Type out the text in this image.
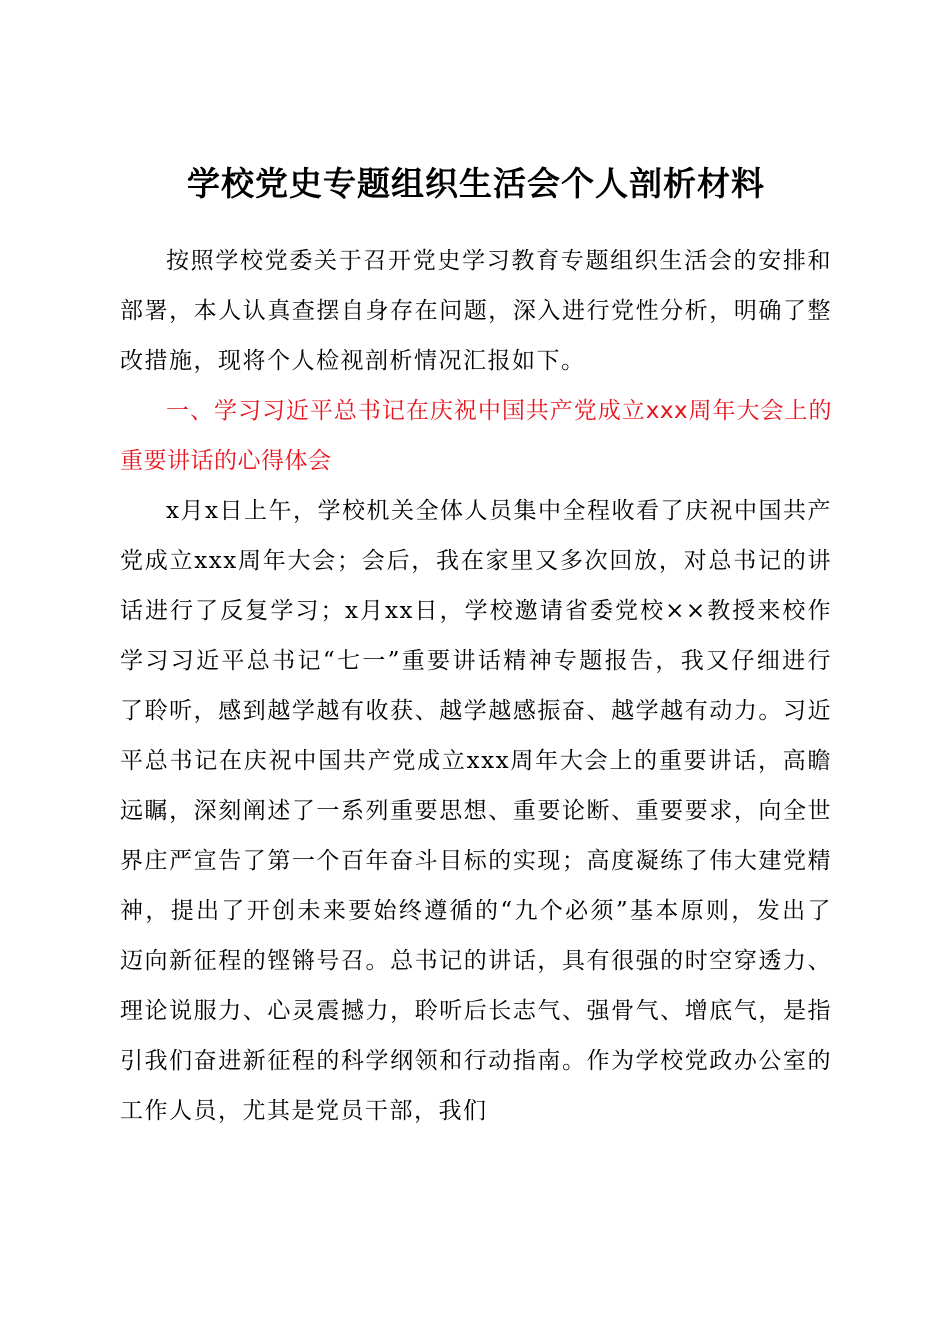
学校党史专题组织生活会个人剖析材料

按照学校党委关于召开党史学习教育专题组织生活会的安排和部署，本人认真查摆自身存在问题，深入进行党性分析，明确了整改措施，现将个人检视剖析情况汇报如下。

一、学习习近平总书记在庆祝中国共产党成立xxx周年大会上的重要讲话的心得体会

x月x日上午，学校机关全体人员集中全程收看了庆祝中国共产党成立xxx周年大会；会后，我在家里又多次回放，对总书记的讲话进行了反复学习；x月xx日，学校邀请省委党校××教授来校作学习习近平总书记“七一”重要讲话精神专题报告，我又仔细进行了聆听，感到越学越有收获、越学越感振奋、越学越有动力。习近平总书记在庆祝中国共产党成立xxx周年大会上的重要讲话，高瞻远瞩，深刻阐述了一系列重要思想、重要论断、重要要求，向全世界庄严宣告了第一个百年奋斗目标的实现；高度凝练了伟大建党精神，提出了开创未来要始终遵循的“九个必须”基本原则，发出了迈向新征程的铿锵号召。总书记的讲话，具有很强的时空穿透力、理论说服力、心灵震撼力，聆听后长志气、强骨气、增底气，是指引我们奋进新征程的科学纲领和行动指南。作为学校党政办公室的工作人员，尤其是党员干部，我们
